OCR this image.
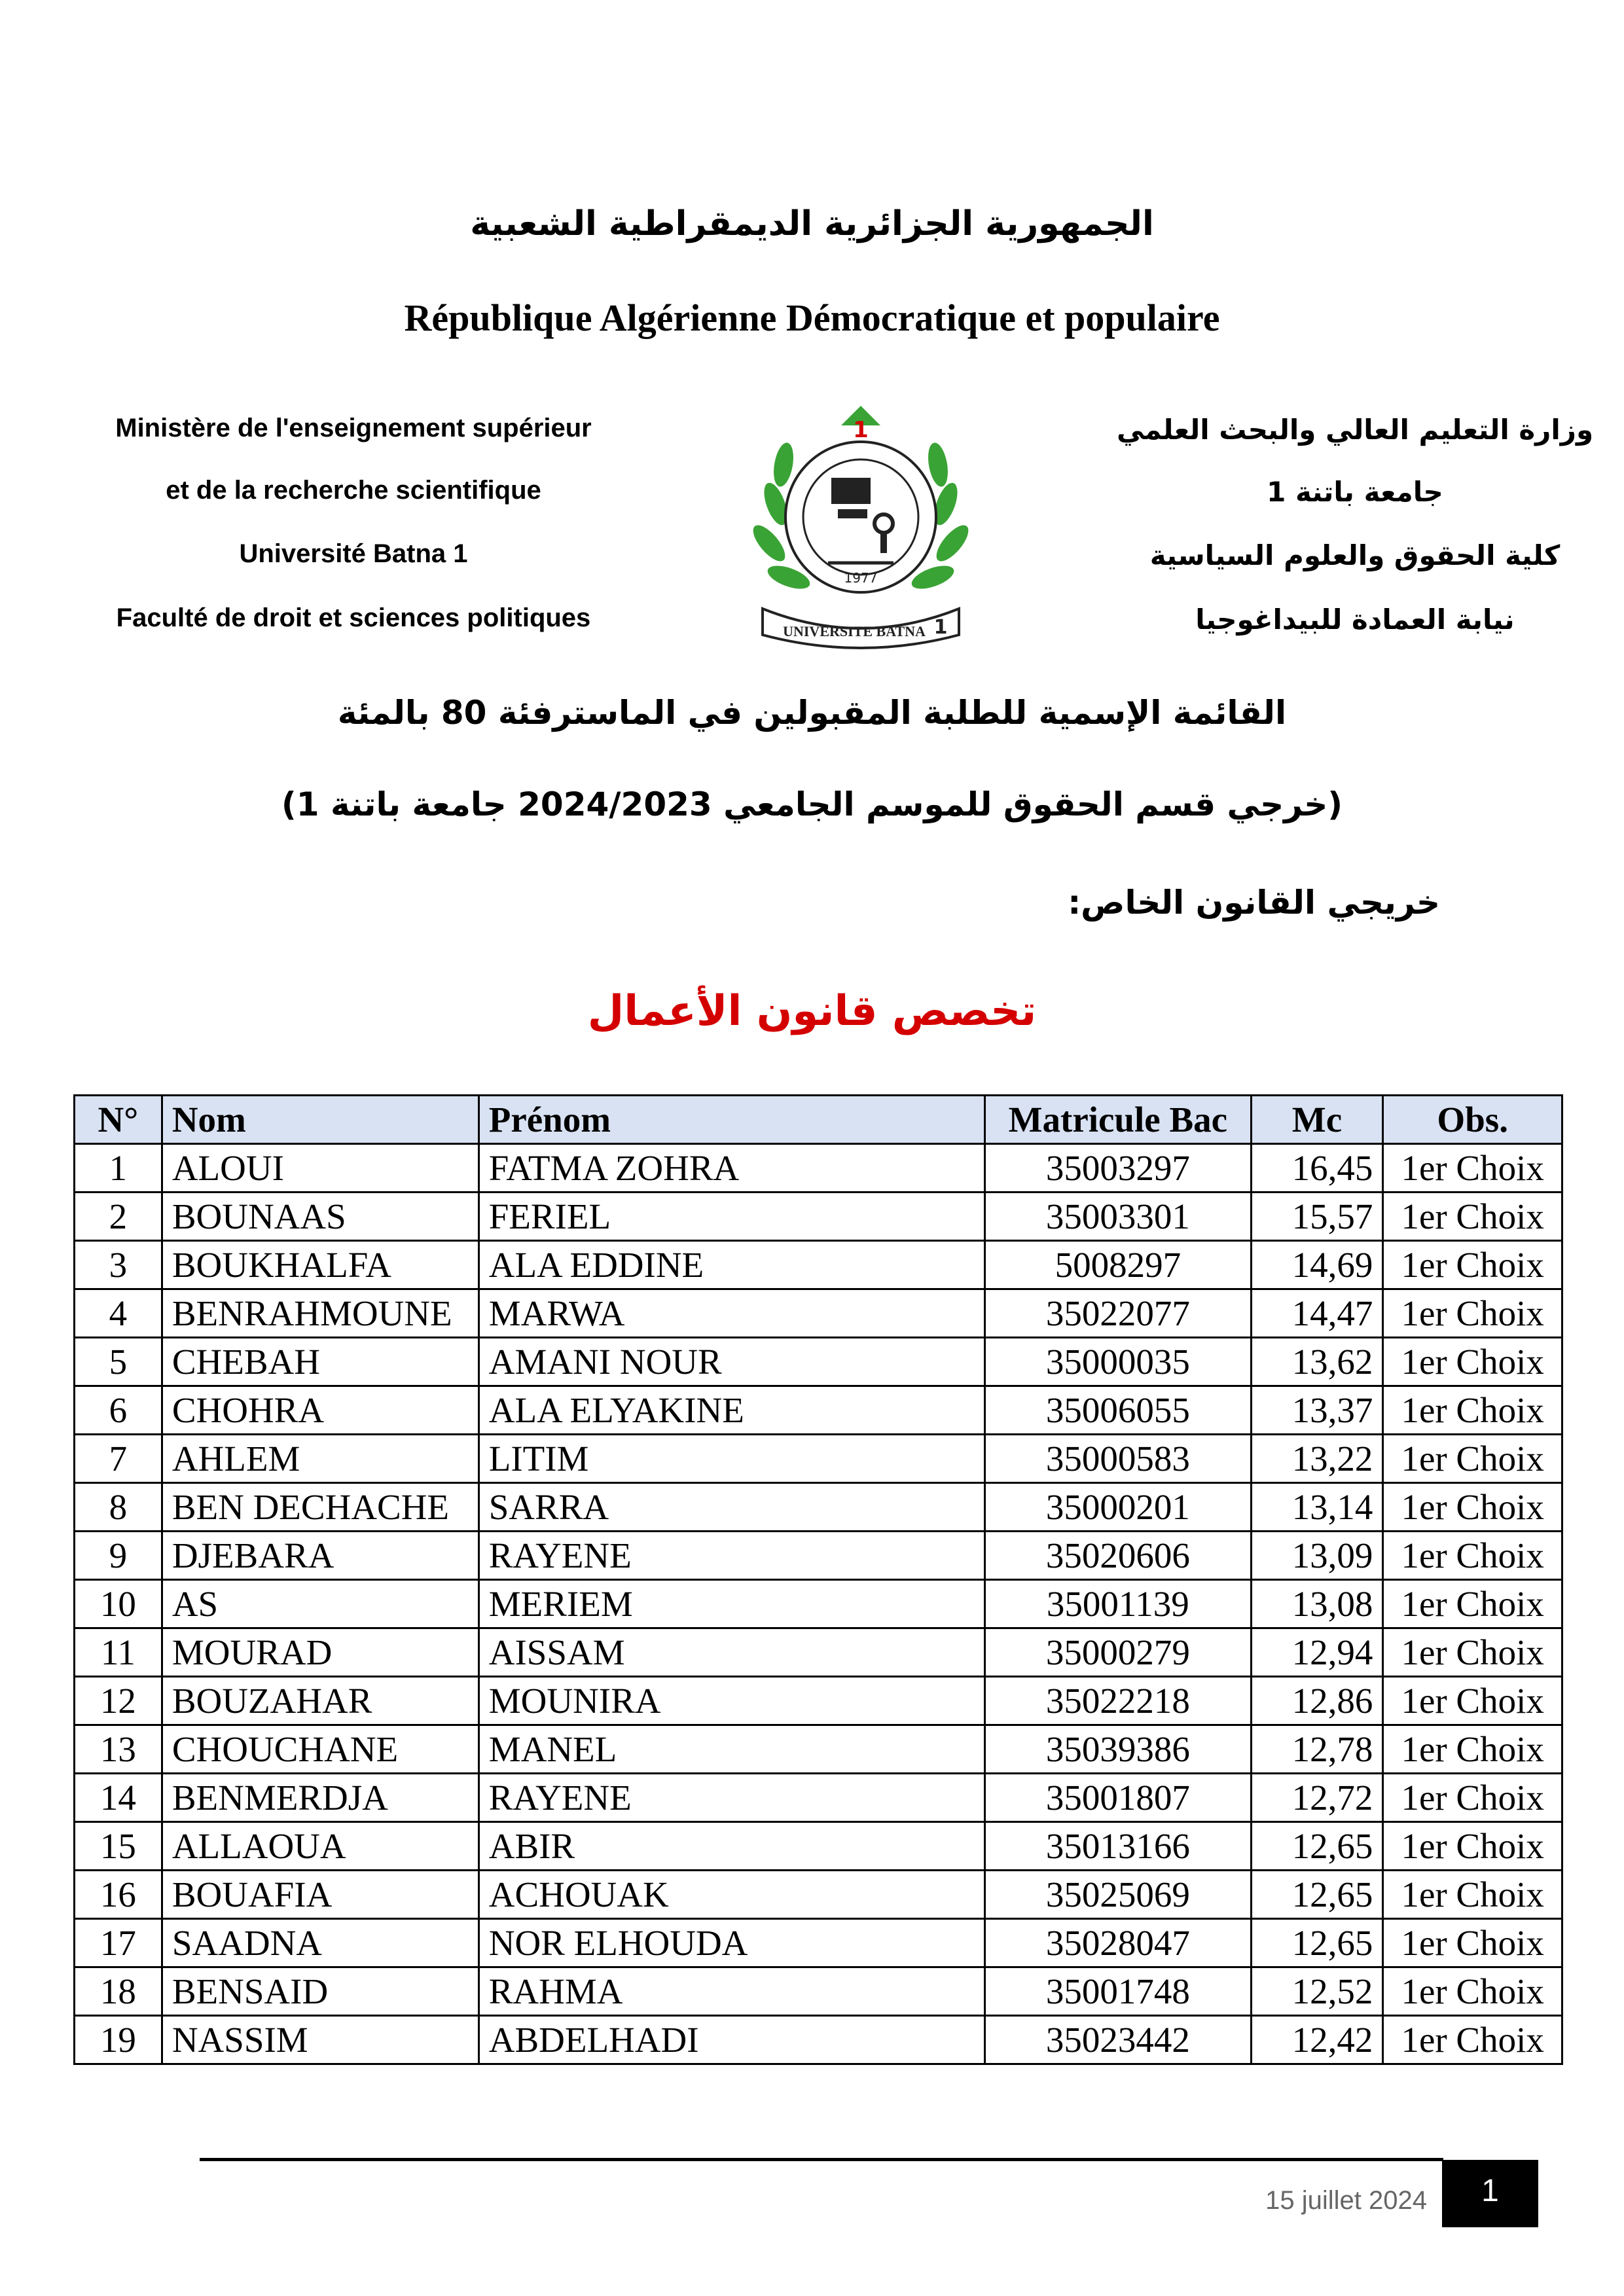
الجمهورية الجزائرية الديمقراطية الشعبية
République Algérienne Démocratique et populaire
Ministère de l'enseignement supérieur
et de la recherche scientifique
Université Batna 1
Faculté de droit et sciences politiques
وزارة التعليم العالي والبحث العلمي
جامعة باتنة 1
كلية الحقوق والعلوم السياسية
نيابة العمادة للبيداغوجيا
1
1977
UNIVERSITE BATNA 1
القائمة الإسمية للطلبة المقبولين في الماسترفئة 80 بالمئة
(خرجي قسم الحقوق للموسم الجامعي 2024/2023 جامعة باتنة 1)
خريجي القانون الخاص:
تخصص قانون الأعمال
N°	Nom	Prénom	Matricule Bac	Mc	Obs.
1	ALOUI	FATMA ZOHRA	35003297	16,45	1er Choix
2	BOUNAAS	FERIEL	35003301	15,57	1er Choix
3	BOUKHALFA	ALA EDDINE	5008297	14,69	1er Choix
4	BENRAHMOUNE	MARWA	35022077	14,47	1er Choix
5	CHEBAH	AMANI NOUR	35000035	13,62	1er Choix
6	CHOHRA	ALA ELYAKINE	35006055	13,37	1er Choix
7	AHLEM	LITIM	35000583	13,22	1er Choix
8	BEN DECHACHE	SARRA	35000201	13,14	1er Choix
9	DJEBARA	RAYENE	35020606	13,09	1er Choix
10	AS	MERIEM	35001139	13,08	1er Choix
11	MOURAD	AISSAM	35000279	12,94	1er Choix
12	BOUZAHAR	MOUNIRA	35022218	12,86	1er Choix
13	CHOUCHANE	MANEL	35039386	12,78	1er Choix
14	BENMERDJA	RAYENE	35001807	12,72	1er Choix
15	ALLAOUA	ABIR	35013166	12,65	1er Choix
16	BOUAFIA	ACHOUAK	35025069	12,65	1er Choix
17	SAADNA	NOR ELHOUDA	35028047	12,65	1er Choix
18	BENSAID	RAHMA	35001748	12,52	1er Choix
19	NASSIM	ABDELHADI	35023442	12,42	1er Choix
15 juillet 2024	1
